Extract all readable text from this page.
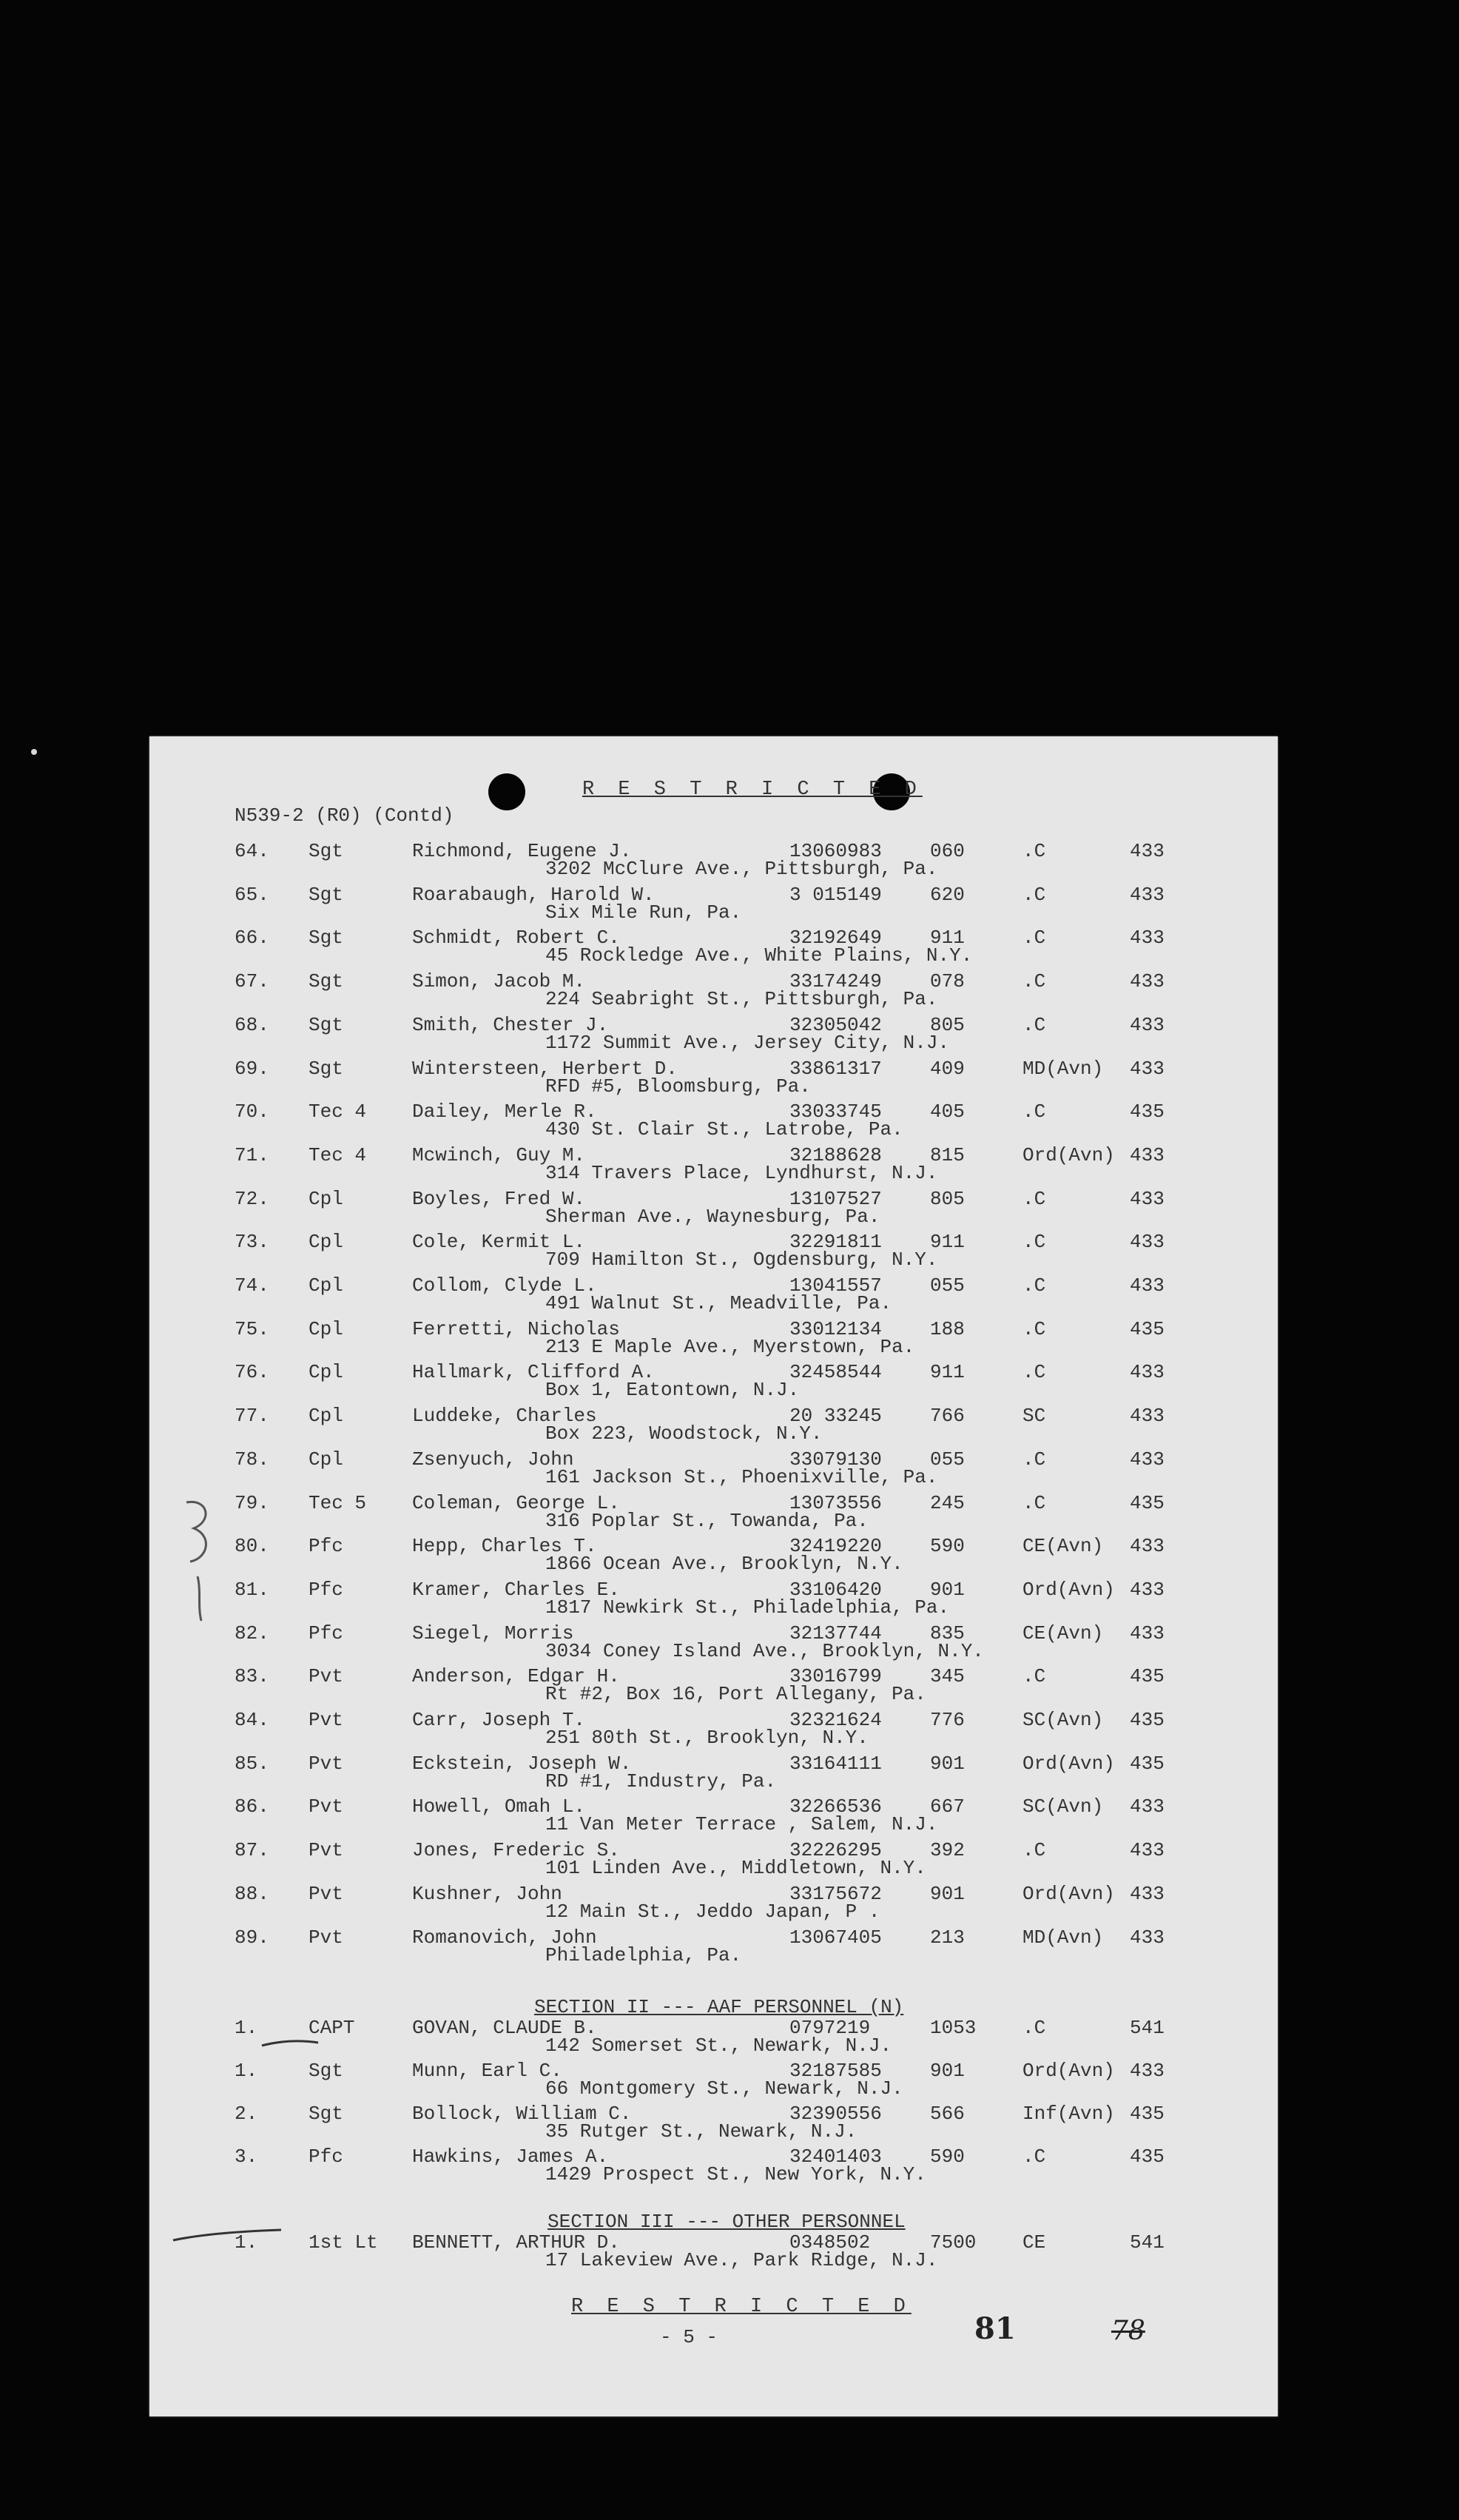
R E S T R I C T E D
N539-2 (R0) (Contd)
64. Sgt	Richmond, Eugene J.	13060983	060	.C	433
3202 McClure Ave., Pittsburgh, Pa.
65. Sgt	Roarabaugh, Harold W.	3 015149	620	.C	433
Six Mile Run, Pa.
66. Sgt	Schmidt, Robert C.	32192649	911	.C	433
45 Rockledge Ave., White Plains, N.Y.
67. Sgt	Simon, Jacob M.	33174249	078	.C	433
224 Seabright St., Pittsburgh, Pa.
68. Sgt	Smith, Chester J.	32305042	805	.C	433
1172 Summit Ave., Jersey City, N.J.
69. Sgt	Wintersteen, Herbert D.	33861317	409	MD(Avn) 433
RFD #5, Bloomsburg, Pa.
70. Tec 4 Dailey, Merle R.	33033745	405	.C	435
430 St. Clair St., Latrobe, Pa.
71. Tec 4 Mcwinch, Guy M.	32188628	815	Ord(Avn) 433
314 Travers Place, Lyndhurst, N.J.
72. Cpl	Boyles, Fred W.	13107527	805	.C	433
Sherman Ave., Waynesburg, Pa.
73. Cpl	Cole, Kermit L.	32291811	911	.C	433
709 Hamilton St., Ogdensburg, N.Y.
74. Cpl	Collom, Clyde L.	13041557	055	.C	433
491 Walnut St., Meadville, Pa.
75. Cpl	Ferretti, Nicholas	33012134	188	.C	435
213 E Maple Ave., Myerstown, Pa.
76. Cpl	Hallmark, Clifford A.	32458544	911	.C	433
Box 1, Eatontown, N.J.
77. Cpl	Luddeke, Charles	20 33245	766	SC	433
Box 223, Woodstock, N.Y.
78. Cpl	Zsenyuch, John	33079130	055	.C	433
161 Jackson St., Phoenixville, Pa.
79. Tec 5 Coleman, George L.	13073556	245	.C	435
316 Poplar St., Towanda, Pa.
80. Pfc	Hepp, Charles T.	32419220	590	CE(Avn) 433
1866 Ocean Ave., Brooklyn, N.Y.
81. Pfc	Kramer, Charles E.	33106420	901	Ord(Avn) 433
1817 Newkirk St., Philadelphia, Pa.
82. Pfc	Siegel, Morris	32137744	835	CE(Avn) 433
3034 Coney Island Ave., Brooklyn, N.Y.
83. Pvt	Anderson, Edgar H.	33016799	345	.C	435
Rt #2, Box 16, Port Allegany, Pa.
84. Pvt	Carr, Joseph T.	32321624	776	SC(Avn) 435
251 80th St., Brooklyn, N.Y.
85. Pvt	Eckstein, Joseph W.	33164111	901	Ord(Avn) 435
RD #1, Industry, Pa.
86. Pvt	Howell, Omah L.	32266536	667	SC(Avn) 433
11 Van Meter Terrace , Salem, N.J.
87. Pvt	Jones, Frederic S.	32226295	392	.C	433
101 Linden Ave., Middletown, N.Y.
88. Pvt	Kushner, John	33175672	901	Ord(Avn) 433
12 Main St., Jeddo Japan, P .
89. Pvt	Romanovich, John	13067405	213	MD(Avn) 433
Philadelphia, Pa.
1.	CAPT	GOVAN, CLAUDE B.	0797219	1053 .C	541
142 Somerset St., Newark, N.J.
1.	Sgt	Munn, Earl C.	32187585	901	Ord(Avn) 433
66 Montgomery St., Newark, N.J.
2.	Sgt	Bollock, William C.	32390556	566	Inf(Avn) 435
35 Rutger St., Newark, N.J.
3.	Pfc	Hawkins, James A.	32401403	590	.C	435
1429 Prospect St., New York, N.Y.
1.	1st Lt BENNETT, ARTHUR D.	0348502	7500 CE	541
17 Lakeview Ave., Park Ridge, N.J.
SECTION II --- AAF PERSONNEL (N)
SECTION III --- OTHER PERSONNEL
R E S T R I C T E D
- 5 -	81	78
